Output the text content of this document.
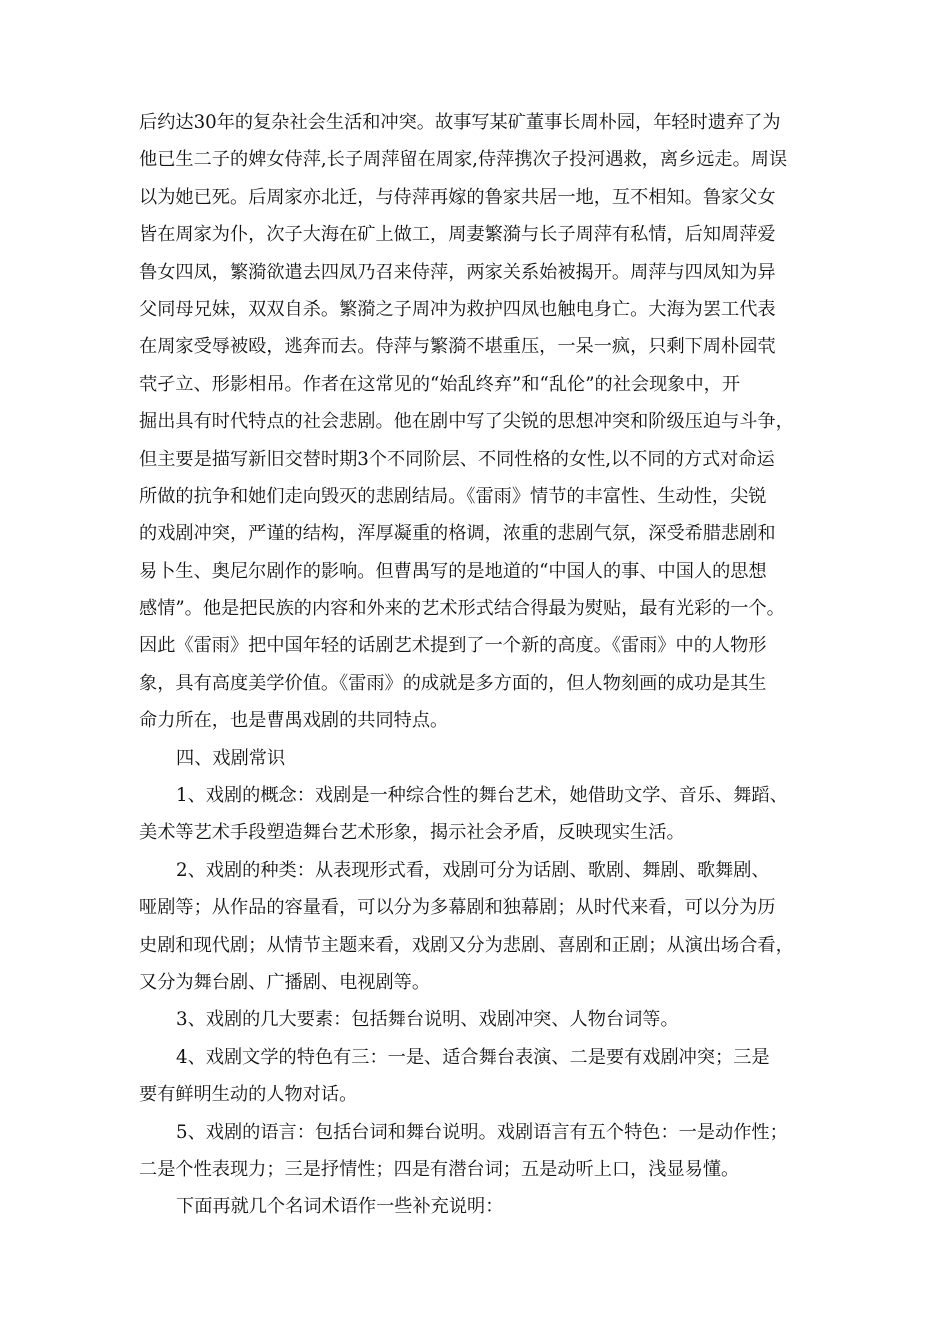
后约达30年的复杂社会生活和冲突。故事写某矿董事长周朴园，年轻时遗弃了为
他已生二子的婢女侍萍,长子周萍留在周家,侍萍携次子投河遇救，离乡远走。周误
以为她已死。后周家亦北迁，与侍萍再嫁的鲁家共居一地，互不相知。鲁家父女
皆在周家为仆，次子大海在矿上做工，周妻繁漪与长子周萍有私情，后知周萍爱
鲁女四凤，繁漪欲遣去四凤乃召来侍萍，两家关系始被揭开。周萍与四凤知为异
父同母兄妹，双双自杀。繁漪之子周冲为救护四凤也触电身亡。大海为罢工代表
在周家受辱被殴，逃奔而去。侍萍与繁漪不堪重压，一呆一疯，只剩下周朴园茕
茕孑立、形影相吊。作者在这常见的“始乱终弃”和“乱伦”的社会现象中，开
掘出具有时代特点的社会悲剧。他在剧中写了尖锐的思想冲突和阶级压迫与斗争，
但主要是描写新旧交替时期3个不同阶层、不同性格的女性,以不同的方式对命运
所做的抗争和她们走向毁灭的悲剧结局。《雷雨》情节的丰富性、生动性，尖锐
的戏剧冲突，严谨的结构，浑厚凝重的格调，浓重的悲剧气氛，深受希腊悲剧和
易卜生、奥尼尔剧作的影响。但曹禺写的是地道的“中国人的事、中国人的思想
感情”。他是把民族的内容和外来的艺术形式结合得最为熨贴，最有光彩的一个。
因此《雷雨》把中国年轻的话剧艺术提到了一个新的高度。《雷雨》中的人物形
象，具有高度美学价值。《雷雨》的成就是多方面的，但人物刻画的成功是其生
命力所在，也是曹禺戏剧的共同特点。
四、戏剧常识
1、戏剧的概念：戏剧是一种综合性的舞台艺术，她借助文学、音乐、舞蹈、
美术等艺术手段塑造舞台艺术形象，揭示社会矛盾，反映现实生活。
2、戏剧的种类：从表现形式看，戏剧可分为话剧、歌剧、舞剧、歌舞剧、
哑剧等；从作品的容量看，可以分为多幕剧和独幕剧；从时代来看，可以分为历
史剧和现代剧；从情节主题来看，戏剧又分为悲剧、喜剧和正剧；从演出场合看，
又分为舞台剧、广播剧、电视剧等。
3、戏剧的几大要素：包括舞台说明、戏剧冲突、人物台词等。
4、戏剧文学的特色有三：一是、适合舞台表演、二是要有戏剧冲突；三是
要有鲜明生动的人物对话。
5、戏剧的语言：包括台词和舞台说明。戏剧语言有五个特色：一是动作性；
二是个性表现力；三是抒情性；四是有潜台词；五是动听上口，浅显易懂。
下面再就几个名词术语作一些补充说明：
